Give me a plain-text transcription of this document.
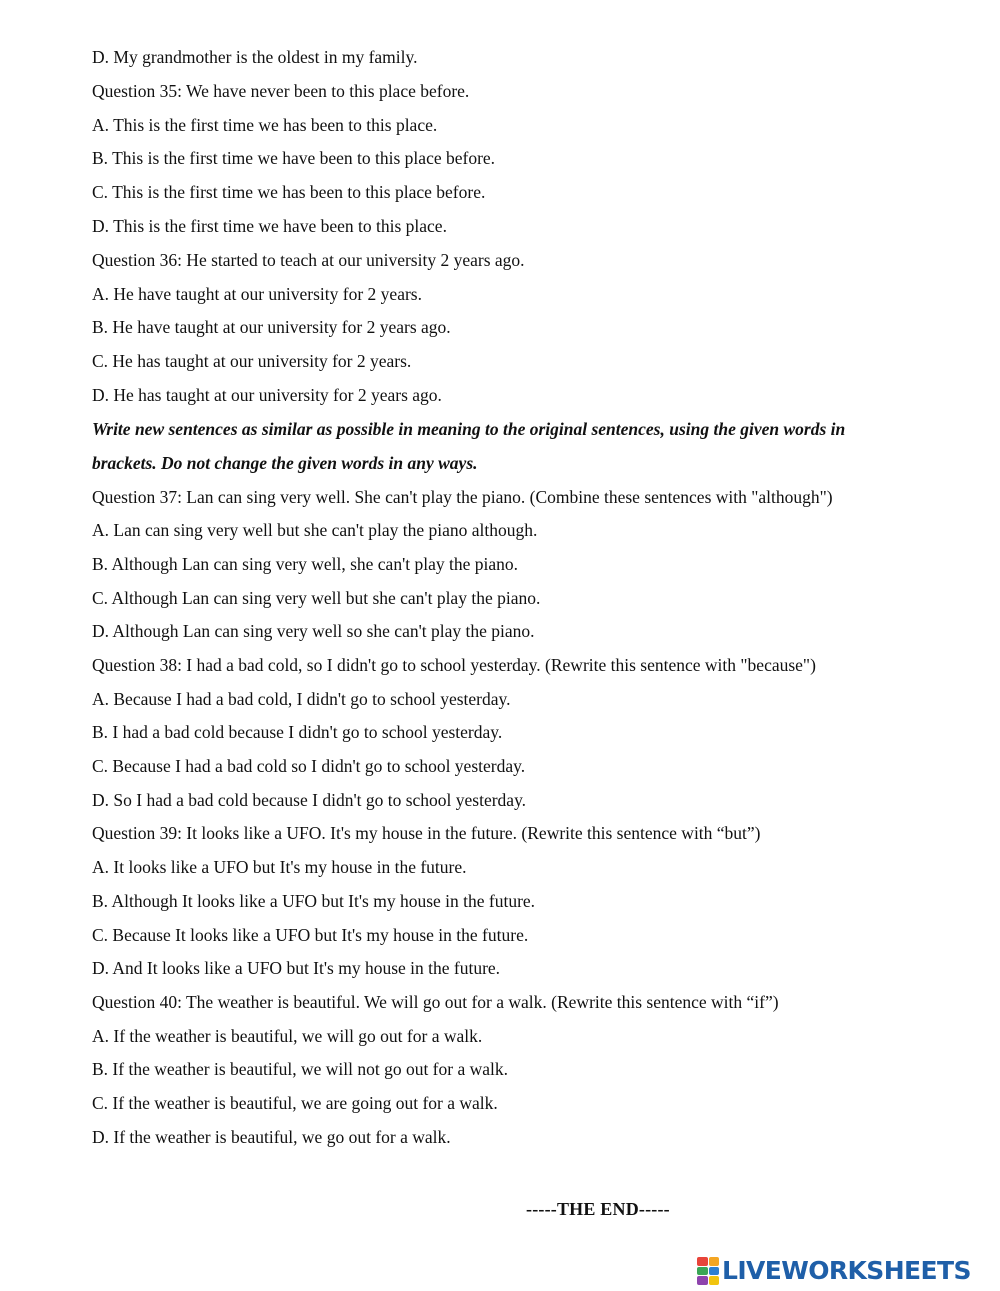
D. My grandmother is the oldest in my family.
Question 35: We have never been to this place before.
A. This is the first time we has been to this place.
B. This is the first time we have been to this place before.
C. This is the first time we has been to this place before.
D. This is the first time we have been to this place.
Question 36: He started to teach at our university 2 years ago.
A. He have taught at our university for 2 years.
B. He have taught at our university for 2 years ago.
C. He has taught at our university for 2 years.
D. He has taught at our university for 2 years ago.
Write new sentences as similar as possible in meaning to the original sentences, using the given words in
brackets. Do not change the given words in any ways.
Question 37: Lan can sing very well. She can't play the piano. (Combine these sentences with "although")
A. Lan can sing very well but she can't play the piano although.
B. Although Lan can sing very well, she can't play the piano.
C. Although Lan can sing very well but she can't play the piano.
D. Although Lan can sing very well so she can't play the piano.
Question 38: I had a bad cold, so I didn't go to school yesterday. (Rewrite this sentence with "because")
A. Because I had a bad cold, I didn't go to school yesterday.
B. I had a bad cold because I didn't go to school yesterday.
C. Because I had a bad cold so I didn't go to school yesterday.
D. So I had a bad cold because I didn't go to school yesterday.
Question 39: It looks like a UFO. It's my house in the future. (Rewrite this sentence with “but”)
A. It looks like a UFO but It's my house in the future.
B. Although It looks like a UFO but It's my house in the future.
C. Because It looks like a UFO but It's my house in the future.
D. And It looks like a UFO but It's my house in the future.
Question 40: The weather is beautiful. We will go out for a walk. (Rewrite this sentence with “if”)
A. If the weather is beautiful, we will go out for a walk.
B. If the weather is beautiful, we will not go out for a walk.
C. If the weather is beautiful, we are going out for a walk.
D. If the weather is beautiful, we go out for a walk.
-----THE END-----
LIVEWORKSHEETS
